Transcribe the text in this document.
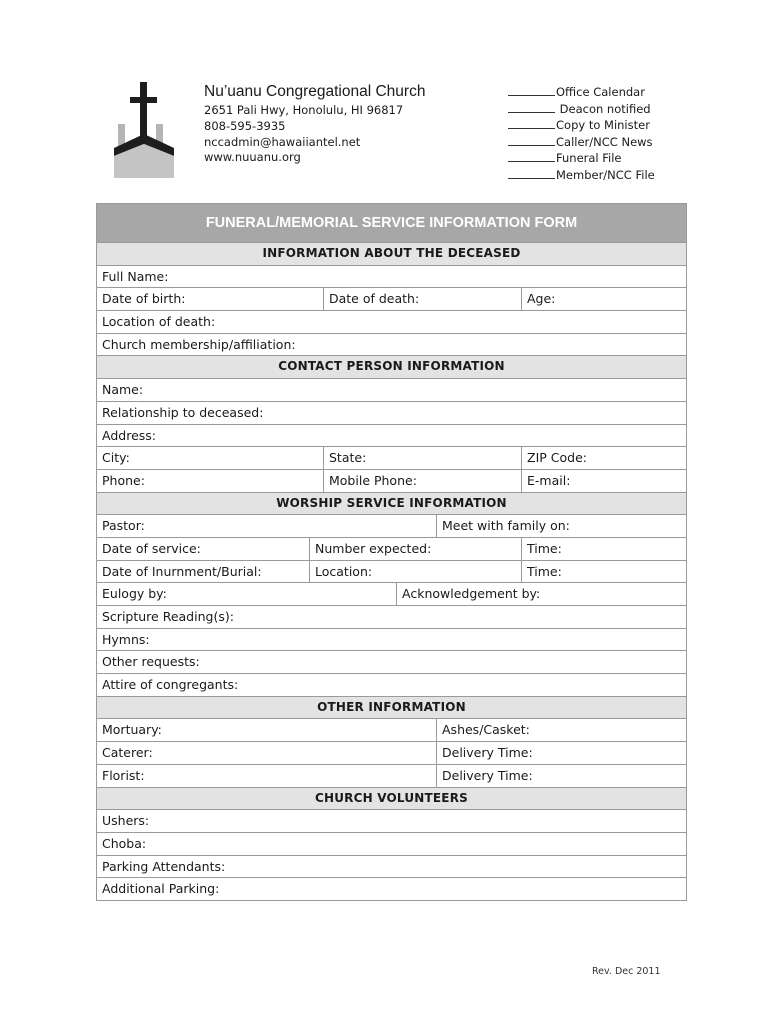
Nu’uanu Congregational Church
2651 Pali Hwy, Honolulu, HI 96817
808-595-3935
nccadmin@hawaiiantel.net
www.nuuanu.org
Office Calendar
Deacon notified
Copy to Minister
Caller/NCC News
Funeral File
Member/NCC File
FUNERAL/MEMORIAL SERVICE INFORMATION FORM
INFORMATION ABOUT THE DECEASED
Full Name:
Date of birth:	Date of death:	Age:
Location of death:
Church membership/affiliation:
CONTACT PERSON INFORMATION
Name:
Relationship to deceased:
Address:
City:	State:	ZIP Code:
Phone:	Mobile Phone:	E-mail:
WORSHIP SERVICE INFORMATION
Pastor:	Meet with family on:
Date of service:	Number expected:	Time:
Date of Inurnment/Burial:	Location:	Time:
Eulogy by:	Acknowledgement by:
Scripture Reading(s):
Hymns:
Other requests:
Attire of congregants:
OTHER INFORMATION
Mortuary:	Ashes/Casket:
Caterer:	Delivery Time:
Florist:	Delivery Time:
CHURCH VOLUNTEERS
Ushers:
Choba:
Parking Attendants:
Additional Parking:
Rev. Dec 2011
